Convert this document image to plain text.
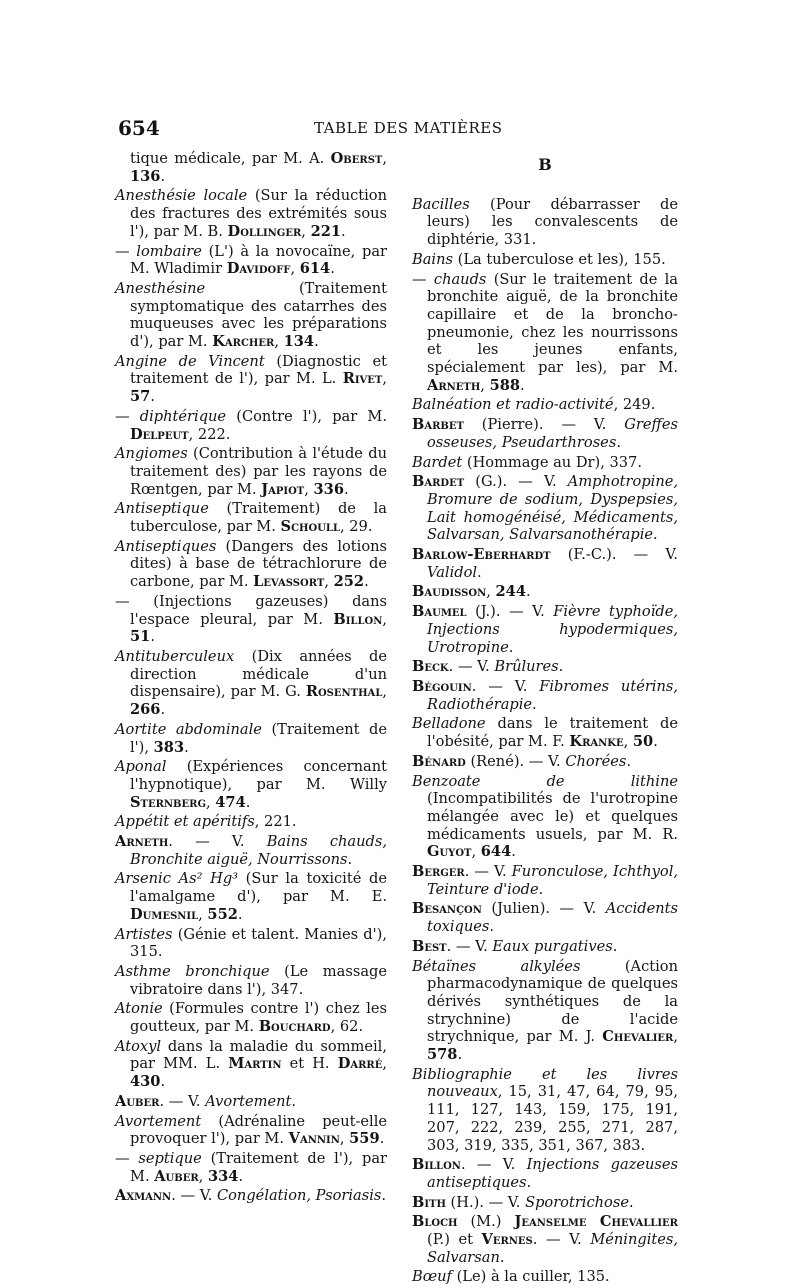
654	TABLE DES MATIÈRES
tique médicale, par M. A. Oberst, 136.
Anesthésie locale (Sur la réduction des fractures des extrémités sous l'), par M. B. Dollinger, 221.
— lombaire (L') à la novocaïne, par M. Wladimir Davidoff, 614.
Anesthésine (Traitement symptomatique des catarrhes des muqueuses avec les préparations d'), par M. Karcher, 134.
Angine de Vincent (Diagnostic et traitement de l'), par M. L. Rivet, 57.
— diphtérique (Contre l'), par M. Delpeut, 222.
Angiomes (Contribution à l'étude du traitement des) par les rayons de Rœntgen, par M. Japiot, 336.
Antiseptique (Traitement) de la tuberculose, par M. Schoull, 29.
Antiseptiques (Dangers des lotions dites) à base de tétrachlorure de carbone, par M. Levassort, 252.
— (Injections gazeuses) dans l'espace pleural, par M. Billon, 51.
Antituberculeux (Dix années de direction médicale d'un dispensaire), par M. G. Rosenthal, 266.
Aortite abdominale (Traitement de l'), 383.
Aponal (Expériences concernant l'hypnotique), par M. Willy Sternberg, 474.
Appétit et apéritifs, 221.
Arneth. — V. Bains chauds, Bronchite aiguë, Nourrissons.
Arsenic As² Hg³ (Sur la toxicité de l'amalgame d'), par M. E. Dumesnil, 552.
Artistes (Génie et talent. Manies d'), 315.
Asthme bronchique (Le massage vibratoire dans l'), 347.
Atonie (Formules contre l') chez les goutteux, par M. Bouchard, 62.
Atoxyl dans la maladie du sommeil, par MM. L. Martin et H. Darré, 430.
Auber. — V. Avortement.
Avortement (Adrénaline peut-elle provoquer l'), par M. Vannin, 559.
— septique (Traitement de l'), par M. Auber, 334.
Axmann. — V. Congélation, Psoriasis.
B
Bacilles (Pour débarrasser de leurs) les convalescents de diphtérie, 331.
Bains (La tuberculose et les), 155.
— chauds (Sur le traitement de la bronchite aiguë, de la bronchite capillaire et de la broncho-pneumonie, chez les nourrissons et les jeunes enfants, spécialement par les), par M. Arneth, 588.
Balnéation et radio-activité, 249.
Barbet (Pierre). — V. Greffes osseuses, Pseudarthroses.
Bardet (Hommage au Dr), 337.
Bardet (G.). — V. Amphotropine, Bromure de sodium, Dyspepsies, Lait homogénéisé, Médicaments, Salvarsan, Salvarsanothérapie.
Barlow-Eberhardt (F.-C.). — V. Validol.
Baudisson, 244.
Baumel (J.). — V. Fièvre typhoïde, Injections hypodermiques, Urotropine.
Beck. — V. Brûlures.
Bégouin. — V. Fibromes utérins, Radiothérapie.
Belladone dans le traitement de l'obésité, par M. F. Kranke, 50.
Bénard (René). — V. Chorées.
Benzoate de lithine (Incompatibilités de l'urotropine mélangée avec le) et quelques médicaments usuels, par M. R. Guyot, 644.
Berger. — V. Furonculose, Ichthyol, Teinture d'iode.
Besançon (Julien). — V. Accidents toxiques.
Best. — V. Eaux purgatives.
Bétaïnes alkylées (Action pharmacodynamique de quelques dérivés synthétiques de la strychnine) de l'acide strychnique, par M. J. Chevalier, 578.
Bibliographie et les livres nouveaux, 15, 31, 47, 64, 79, 95, 111, 127, 143, 159, 175, 191, 207, 222, 239, 255, 271, 287, 303, 319, 335, 351, 367, 383.
Billon. — V. Injections gazeuses antiseptiques.
Bith (H.). — V. Sporotrichose.
Bloch (M.) Jeanselme Chevallier (P.) et Vernes. — V. Méningites, Salvarsan.
Bœuf (Le) à la cuiller, 135.
